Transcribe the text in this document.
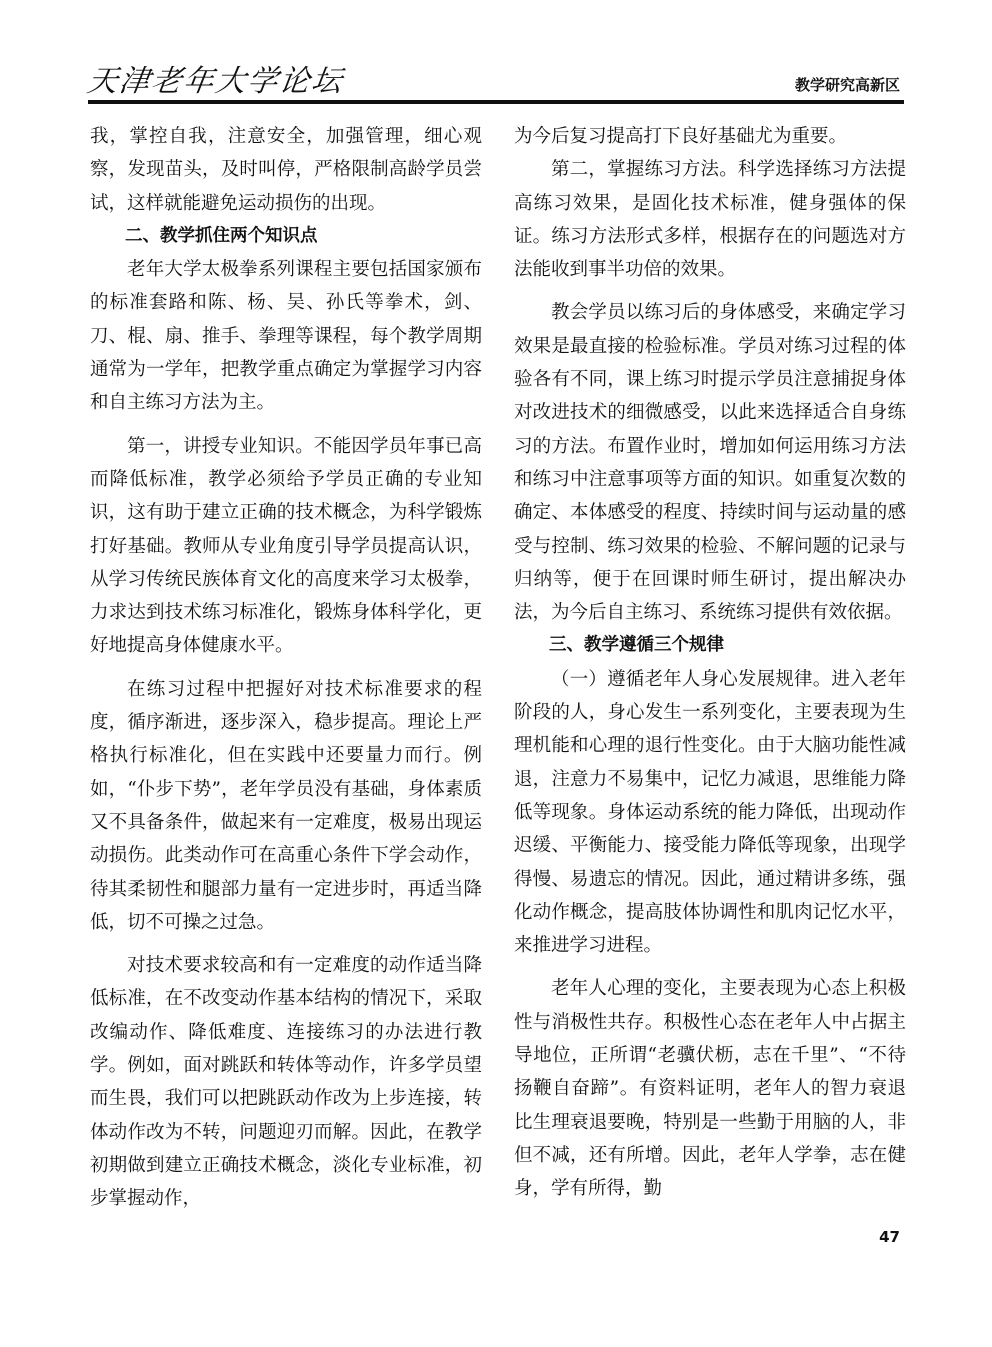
天津老年大学论坛	教学研究高新区

我，掌控自我，注意安全，加强管理，细心观察，发现苗头，及时叫停，严格限制高龄学员尝试，这样就能避免运动损伤的出现。

二、教学抓住两个知识点

老年大学太极拳系列课程主要包括国家颁布的标准套路和陈、杨、吴、孙氏等拳术，剑、刀、棍、扇、推手、拳理等课程，每个教学周期通常为一学年，把教学重点确定为掌握学习内容和自主练习方法为主。

第一，讲授专业知识。不能因学员年事已高而降低标准，教学必须给予学员正确的专业知识，这有助于建立正确的技术概念，为科学锻炼打好基础。教师从专业角度引导学员提高认识，从学习传统民族体育文化的高度来学习太极拳，力求达到技术练习标准化，锻炼身体科学化，更好地提高身体健康水平。

在练习过程中把握好对技术标准要求的程度，循序渐进，逐步深入，稳步提高。理论上严格执行标准化，但在实践中还要量力而行。例如，“仆步下势”，老年学员没有基础，身体素质又不具备条件，做起来有一定难度，极易出现运动损伤。此类动作可在高重心条件下学会动作，待其柔韧性和腿部力量有一定进步时，再适当降低，切不可操之过急。

对技术要求较高和有一定难度的动作适当降低标准，在不改变动作基本结构的情况下，采取改编动作、降低难度、连接练习的办法进行教学。例如，面对跳跃和转体等动作，许多学员望而生畏，我们可以把跳跃动作改为上步连接，转体动作改为不转，问题迎刃而解。因此，在教学初期做到建立正确技术概念，淡化专业标准，初步掌握动作，

为今后复习提高打下良好基础尤为重要。

第二，掌握练习方法。科学选择练习方法提高练习效果，是固化技术标准，健身强体的保证。练习方法形式多样，根据存在的问题选对方法能收到事半功倍的效果。

教会学员以练习后的身体感受，来确定学习效果是最直接的检验标准。学员对练习过程的体验各有不同，课上练习时提示学员注意捕捉身体对改进技术的细微感受，以此来选择适合自身练习的方法。布置作业时，增加如何运用练习方法和练习中注意事项等方面的知识。如重复次数的确定、本体感受的程度、持续时间与运动量的感受与控制、练习效果的检验、不解问题的记录与归纳等，便于在回课时师生研讨，提出解决办法，为今后自主练习、系统练习提供有效依据。

三、教学遵循三个规律

（一）遵循老年人身心发展规律。进入老年阶段的人，身心发生一系列变化，主要表现为生理机能和心理的退行性变化。由于大脑功能性减退，注意力不易集中，记忆力减退，思维能力降低等现象。身体运动系统的能力降低，出现动作迟缓、平衡能力、接受能力降低等现象，出现学得慢、易遗忘的情况。因此，通过精讲多练，强化动作概念，提高肢体协调性和肌肉记忆水平，来推进学习进程。

老年人心理的变化，主要表现为心态上积极性与消极性共存。积极性心态在老年人中占据主导地位，正所谓“老骥伏枥，志在千里”、“不待扬鞭自奋蹄”。有资料证明，老年人的智力衰退比生理衰退要晚，特别是一些勤于用脑的人，非但不减，还有所增。因此，老年人学拳，志在健身，学有所得，勤

47
